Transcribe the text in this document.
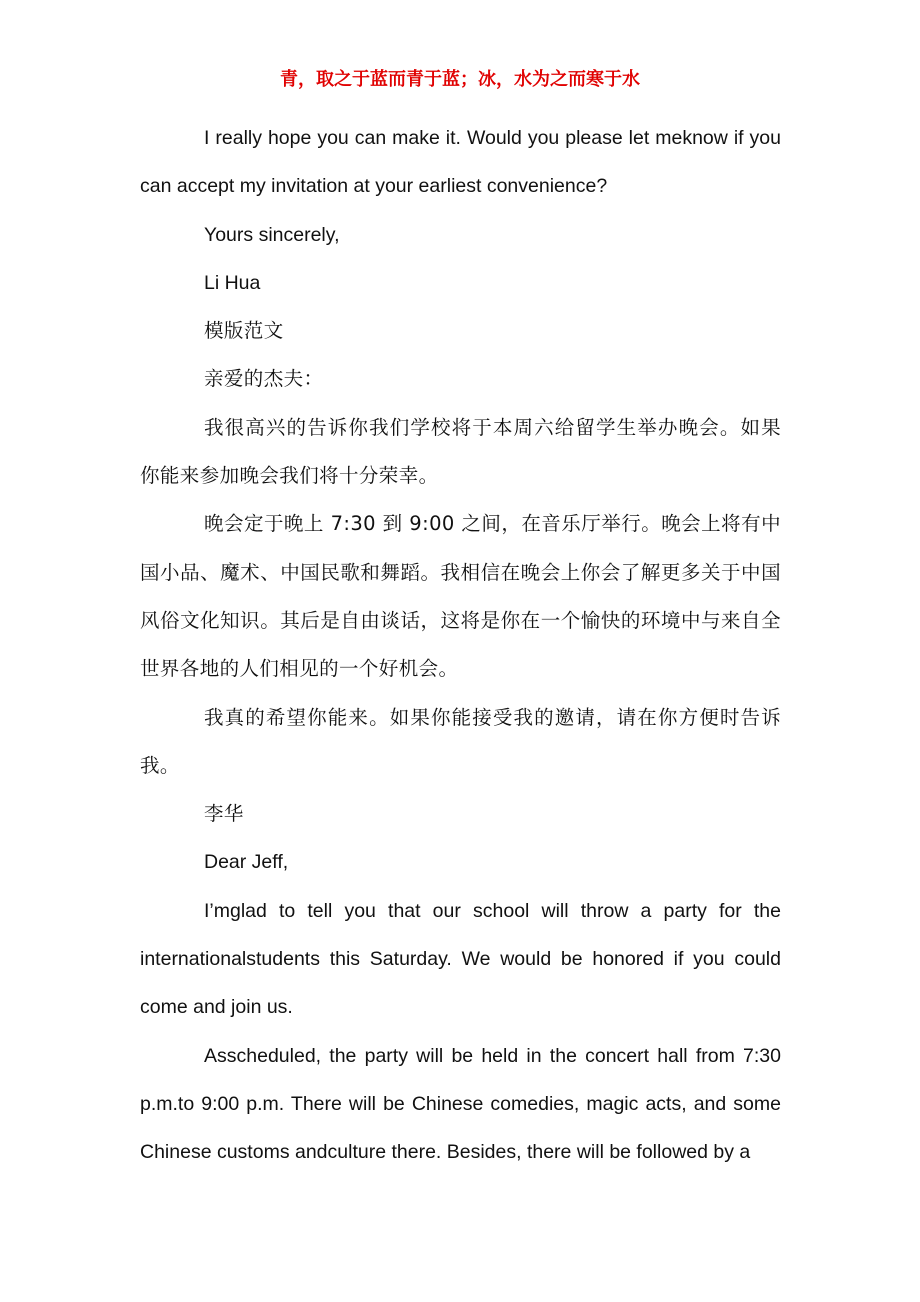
青，取之于蓝而青于蓝；冰，水为之而寒于水

I really hope you can make it. Would you please let meknow if you can accept my invitation at your earliest convenience?

Yours sincerely,

Li Hua

模版范文

亲爱的杰夫：

我很高兴的告诉你我们学校将于本周六给留学生举办晚会。如果你能来参加晚会我们将十分荣幸。

晚会定于晚上 7:30 到 9:00 之间，在音乐厅举行。晚会上将有中国小品、魔术、中国民歌和舞蹈。我相信在晚会上你会了解更多关于中国风俗文化知识。其后是自由谈话，这将是你在一个愉快的环境中与来自全世界各地的人们相见的一个好机会。

我真的希望你能来。如果你能接受我的邀请，请在你方便时告诉我。

李华

Dear Jeff,

I’mglad to tell you that our school will throw a party for the internationalstudents this Saturday. We would be honored if you could come and join us.

Asscheduled, the party will be held in the concert hall from 7:30 p.m.to 9:00 p.m. There will be Chinese comedies, magic acts, and some Chinese customs andculture there. Besides, there will be followed by a
